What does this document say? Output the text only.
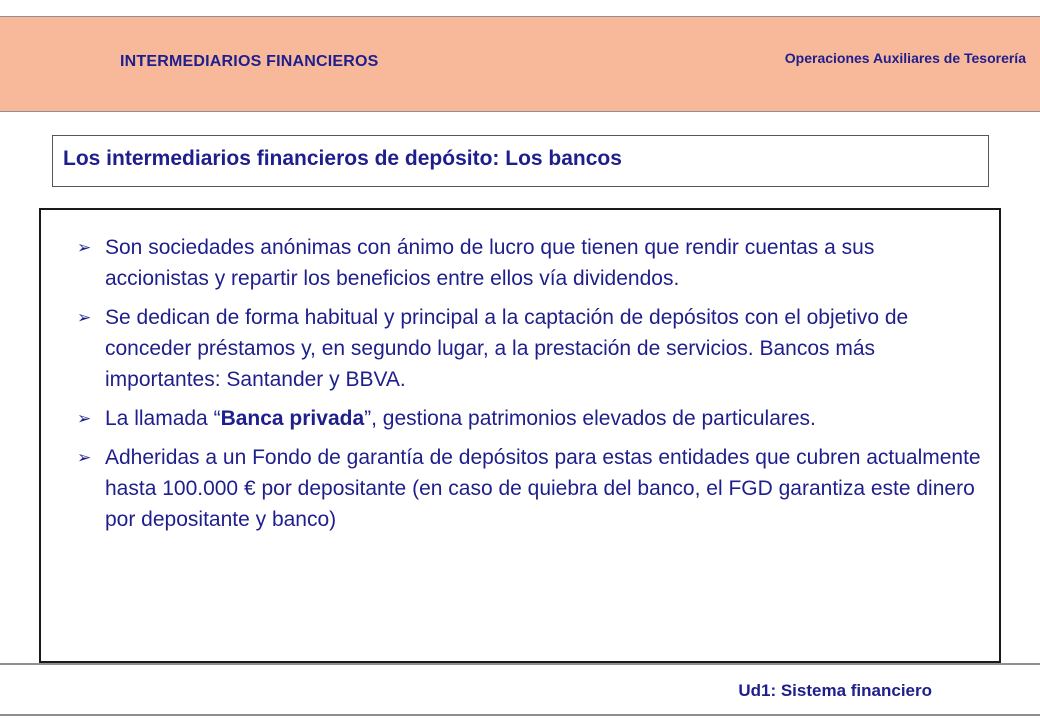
INTERMEDIARIOS FINANCIEROS	Operaciones Auxiliares de Tesorería
Los intermediarios financieros de depósito: Los bancos
➢ Son sociedades anónimas con ánimo de lucro que tienen que rendir cuentas a sus accionistas y repartir los beneficios entre ellos vía dividendos.
➢ Se dedican de forma habitual y principal a la captación de depósitos con el objetivo de conceder préstamos y, en segundo lugar, a la prestación de servicios. Bancos más importantes: Santander y BBVA.
➢ La llamada “Banca privada”, gestiona patrimonios elevados de particulares.
➢ Adheridas a un Fondo de garantía de depósitos para estas entidades que cubren actualmente hasta 100.000 € por depositante (en caso de quiebra del banco, el FGD garantiza este dinero por depositante y banco)
Ud1: Sistema financiero
